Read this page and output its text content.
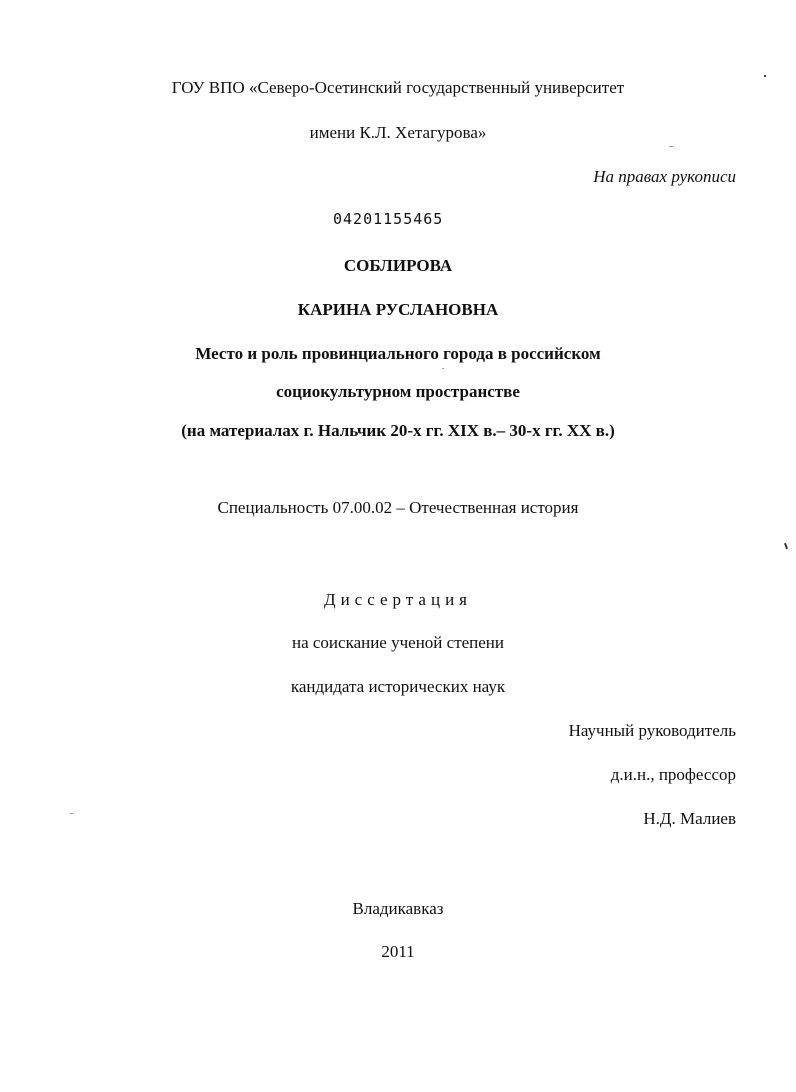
ГОУ ВПО «Северо-Осетинский государственный университет
имени К.Л. Хетагурова»
На правах рукописи
04201155465
СОБЛИРОВА
КАРИНА РУСЛАНОВНА
Место и роль провинциального города в российском
социокультурном пространстве
(на материалах г. Нальчик 20-х гг. XIX в.– 30-х гг. XX в.)
Специальность 07.00.02 – Отечественная история
Диссертация
на соискание ученой степени
кандидата исторических наук
Научный руководитель
д.и.н., профессор
Н.Д. Малиев
Владикавказ
2011
